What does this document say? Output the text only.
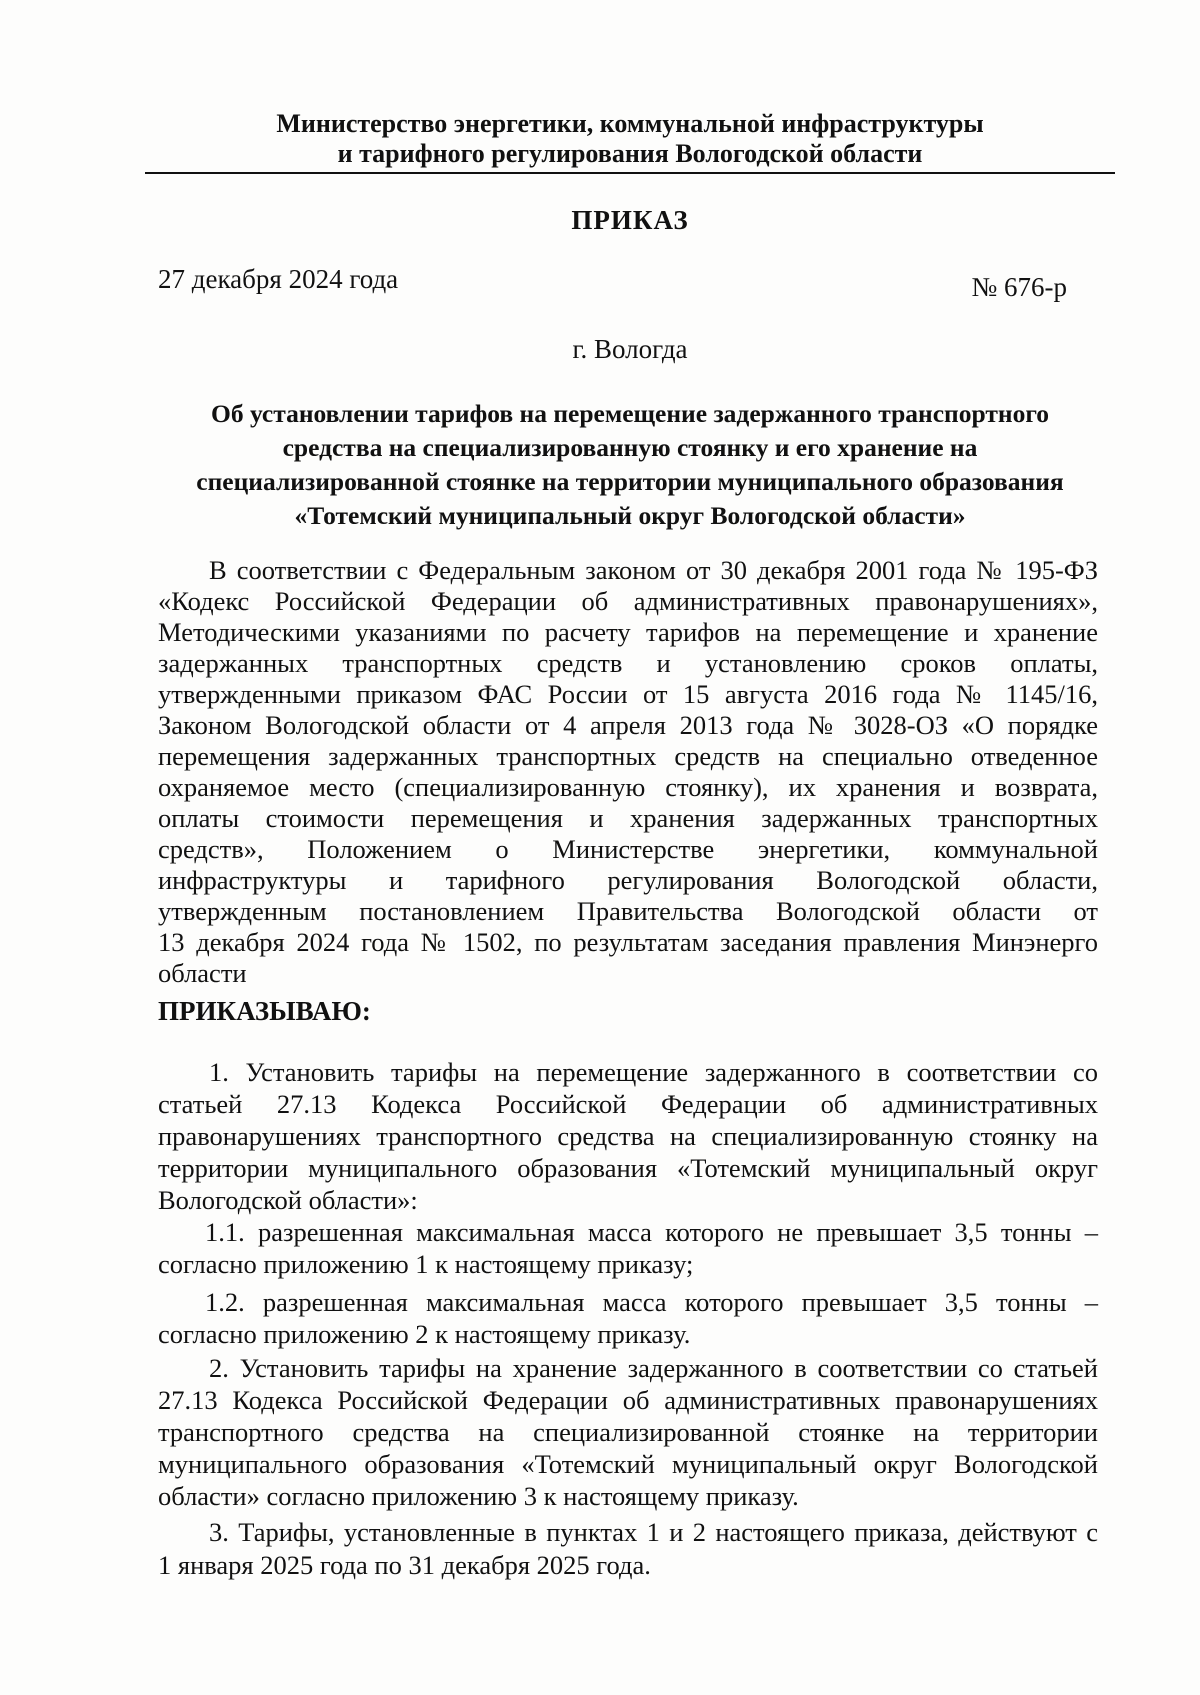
Министерство энергетики, коммунальной инфраструктуры
и тарифного регулирования Вологодской области
ПРИКАЗ
27 декабря 2024 года	№ 676-р
г. Вологда
Об установлении тарифов на перемещение задержанного транспортного
средства на специализированную стоянку и его хранение на
специализированной стоянке на территории муниципального образования
«Тотемский муниципальный округ Вологодской области»
В соответствии с Федеральным законом от 30 декабря 2001 года № 195-ФЗ
«Кодекс Российской Федерации об административных правонарушениях»,
Методическими указаниями по расчету тарифов на перемещение и хранение
задержанных транспортных средств и установлению сроков оплаты,
утвержденными приказом ФАС России от 15 августа 2016 года № 1145/16,
Законом Вологодской области от 4 апреля 2013 года № 3028-ОЗ «О порядке
перемещения задержанных транспортных средств на специально отведенное
охраняемое место (специализированную стоянку), их хранения и возврата,
оплаты стоимости перемещения и хранения задержанных транспортных
средств», Положением о Министерстве энергетики, коммунальной
инфраструктуры и тарифного регулирования Вологодской области,
утвержденным постановлением Правительства Вологодской области от
13 декабря 2024 года № 1502, по результатам заседания правления Минэнерго
области
ПРИКАЗЫВАЮ:
1. Установить тарифы на перемещение задержанного в соответствии со
статьей 27.13 Кодекса Российской Федерации об административных
правонарушениях транспортного средства на специализированную стоянку на
территории муниципального образования «Тотемский муниципальный округ
Вологодской области»:
1.1. разрешенная максимальная масса которого не превышает 3,5 тонны –
согласно приложению 1 к настоящему приказу;
1.2. разрешенная максимальная масса которого превышает 3,5 тонны –
согласно приложению 2 к настоящему приказу.
2. Установить тарифы на хранение задержанного в соответствии со статьей
27.13 Кодекса Российской Федерации об административных правонарушениях
транспортного средства на специализированной стоянке на территории
муниципального образования «Тотемский муниципальный округ Вологодской
области» согласно приложению 3 к настоящему приказу.
3. Тарифы, установленные в пунктах 1 и 2 настоящего приказа, действуют с
1 января 2025 года по 31 декабря 2025 года.
